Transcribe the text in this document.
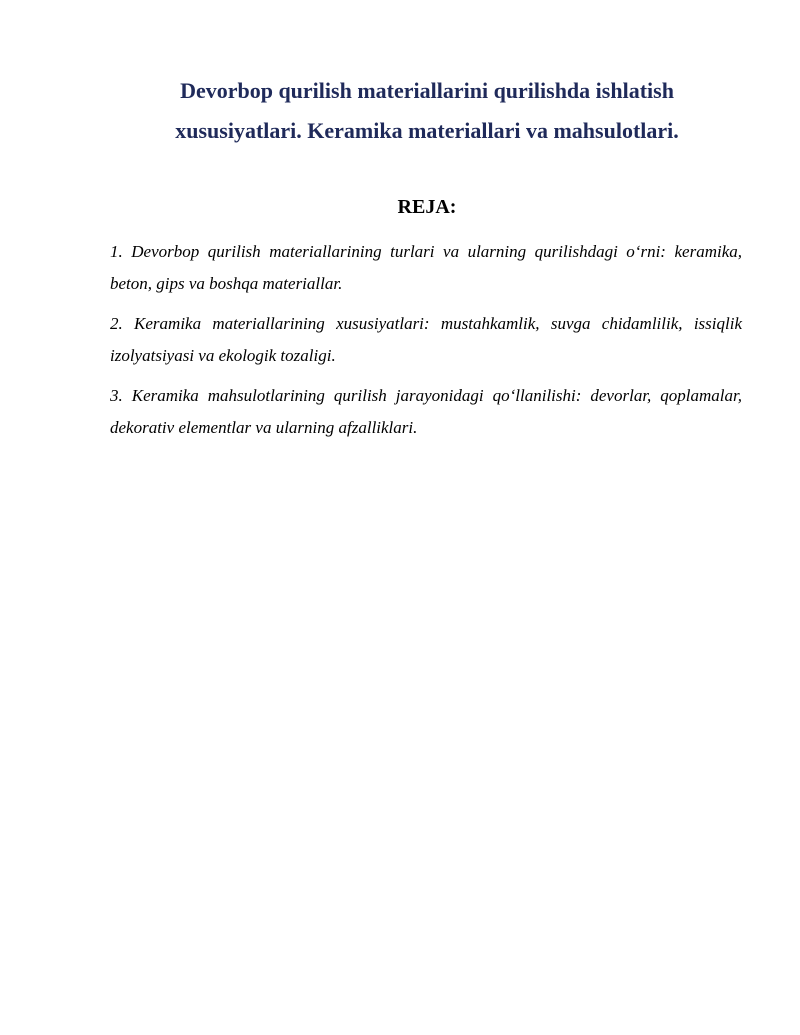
Devorbop qurilish materiallarini qurilishda ishlatish
xususiyatlari. Keramika materiallari va mahsulotlari.
REJA:
1. Devorbop qurilish materiallarining turlari va ularning qurilishdagi o‘rni: keramika, beton, gips va boshqa materiallar.
2. Keramika materiallarining xususiyatlari: mustahkamlik, suvga chidamlilik, issiqlik izolyatsiyasi va ekologik tozaligi.
3. Keramika mahsulotlarining qurilish jarayonidagi qo‘llanilishi: devorlar, qoplamalar, dekorativ elementlar va ularning afzalliklari.
